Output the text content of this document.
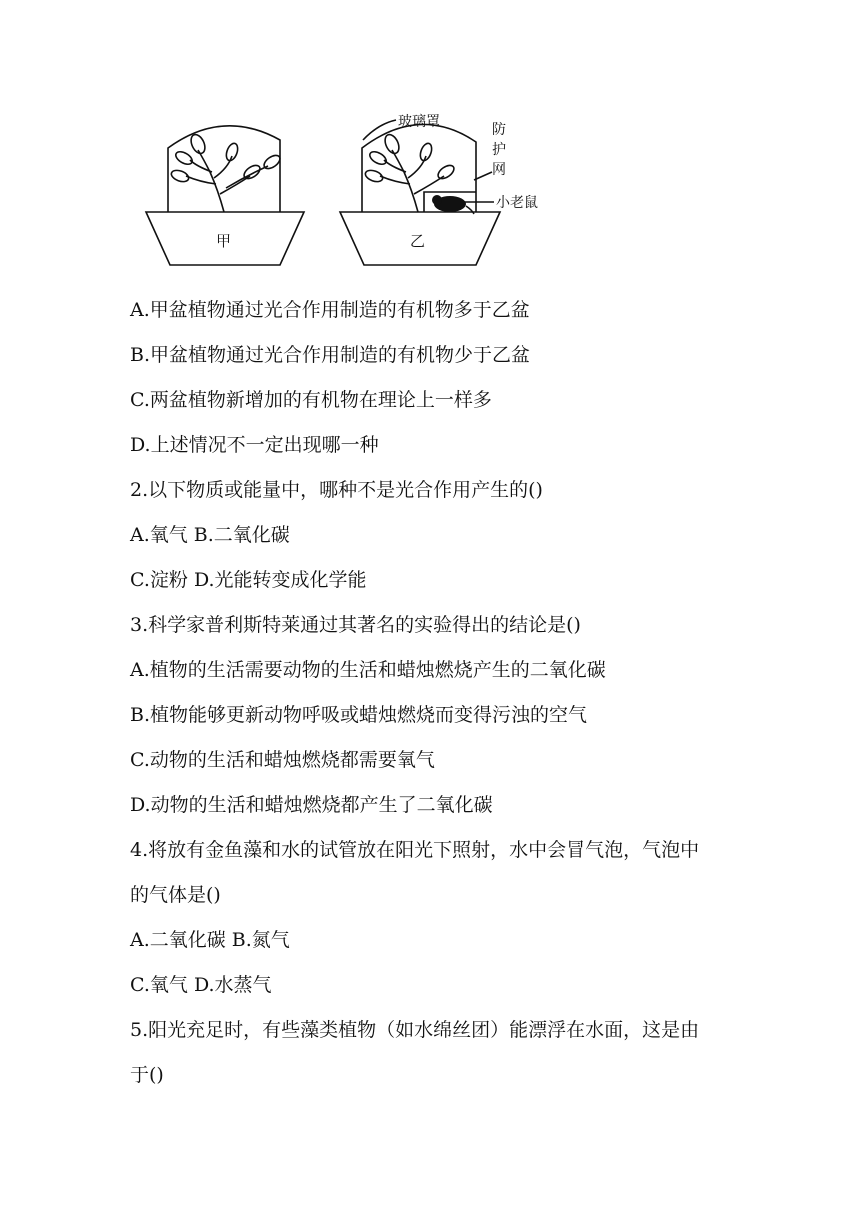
玻璃罩	防
护
网
小老鼠
甲	乙
A.甲盆植物通过光合作用制造的有机物多于乙盆
B.甲盆植物通过光合作用制造的有机物少于乙盆
C.两盆植物新增加的有机物在理论上一样多
D.上述情况不一定出现哪一种
2.以下物质或能量中，哪种不是光合作用产生的()
A.氧气 B.二氧化碳
C.淀粉 D.光能转变成化学能
3.科学家普利斯特莱通过其著名的实验得出的结论是()
A.植物的生活需要动物的生活和蜡烛燃烧产生的二氧化碳
B.植物能够更新动物呼吸或蜡烛燃烧而变得污浊的空气
C.动物的生活和蜡烛燃烧都需要氧气
D.动物的生活和蜡烛燃烧都产生了二氧化碳
4.将放有金鱼藻和水的试管放在阳光下照射，水中会冒气泡，气泡中
的气体是()
A.二氧化碳 B.氮气
C.氧气 D.水蒸气
5.阳光充足时，有些藻类植物（如水绵丝团）能漂浮在水面，这是由
于()
